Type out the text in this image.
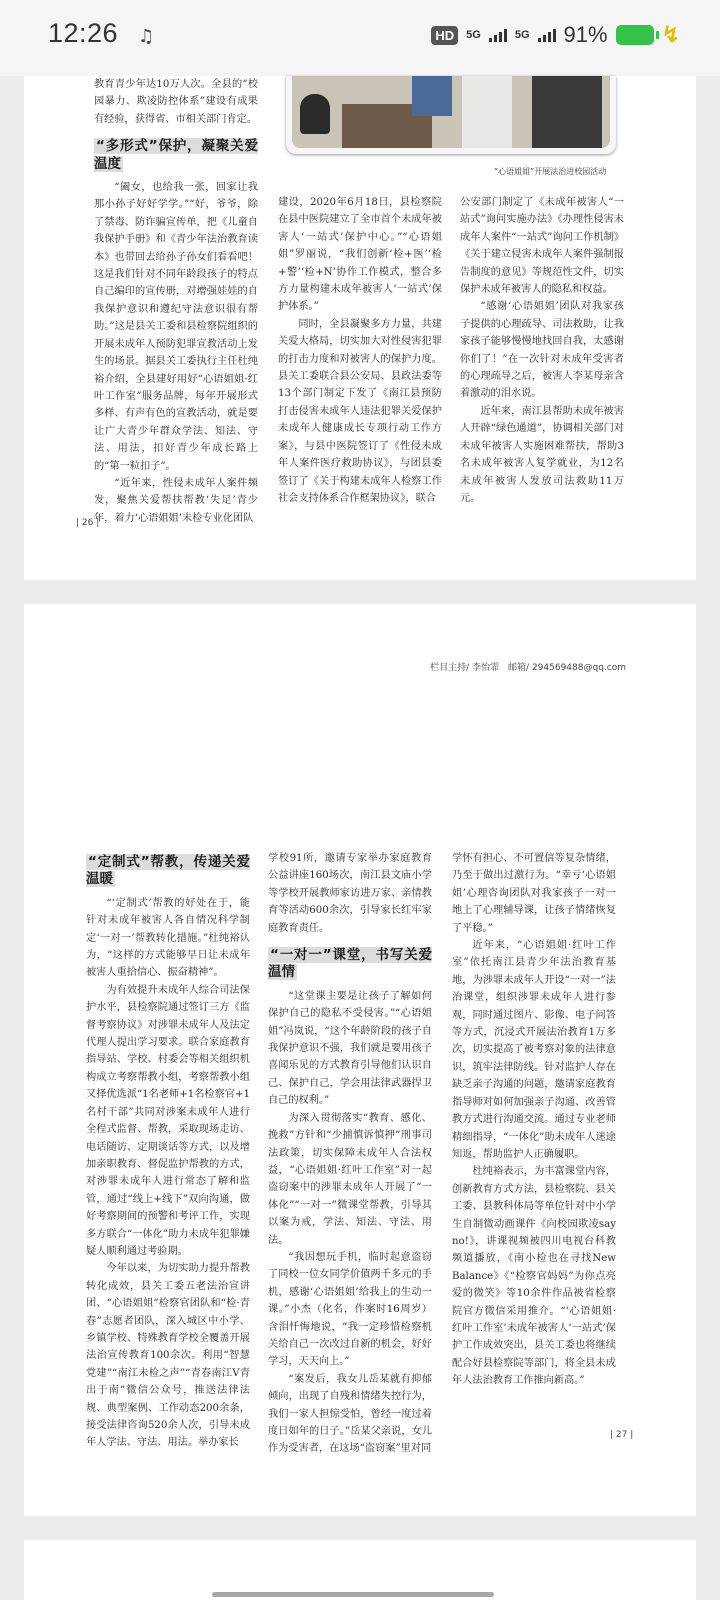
12:26 ♫	HD	5G	5G 91% ↯
“心语姐姐”开展法治进校园活动

教育青少年达10万人次。全县的“校园暴力、欺凌防控体系”建设有成果有经验，获得省、市相关部门肯定。

“多形式”保护，凝聚关爱温度

“阖女，也给我一张，回家让我那小孙子好好学学。”“好，爷爷，除了禁毒、防诈骗宣传单，把《儿童自我保护手册》和《青少年法治教育读本》也带回去给孙子孙女们看看吧！这是我们针对不同年龄段孩子的特点自己编印的宣传册，对增强娃娃的自我保护意识和遵纪守法意识很有帮助。”这是县关工委和县检察院组织的开展未成年人预防犯罪宣教活动上发生的场景。据县关工委执行主任杜纯裕介绍，全县建好用好“心语姐姐·红叶工作室”服务品牌，每年开展形式多样、有声有色的宣教活动，就是要让广大青少年群众学法、知法、守法、用法，扣好青少年成长路上的“第一粒扣子”。

“近年来，性侵未成年人案件频发，聚焦关爱帮扶帮教‘失足’青少年，着力‘心语姐姐’未检专业化团队

建设，2020年6月18日，县检察院在县中医院建立了全市首个未成年被害人‘一站式’保护中心。”“心语姐姐”罗丽说，“我们创新‘检+医’‘检+警’‘检+N’协作工作模式，整合多方力量构建未成年被害人‘一站式’保护体系。”

同时，全县凝聚多方力量，共建关爱大格局，切实加大对性侵害犯罪的打击力度和对被害人的保护力度。县关工委联合县公安局、县政法委等13个部门制定下发了《南江县预防打击侵害未成年人违法犯罪关爱保护未成年人健康成长专项行动工作方案》，与县中医院签订了《性侵未成年人案件医疗救助协议》，与团县委签订了《关于构建未成年人检察工作社会支持体系合作框架协议》，联合

公安部门制定了《未成年被害人“一站式”询问实施办法》《办理性侵害未成年人案件“一站式”询问工作机制》《关于建立侵害未成年人案件强制报告制度的意见》等规范性文件，切实保护未成年被害人的隐私和权益。

“感谢‘心语姐姐’团队对我家孩子提供的心理疏导、司法救助，让我家孩子能够慢慢地找回自我，太感谢你们了！”在一次针对未成年受害者的心理疏导之后，被害人李某母亲含着激动的泪水说。

近年来，南江县帮助未成年被害人开辟“绿色通道”，协调相关部门对未成年被害人实施困难帮扶，帮助3名未成年被害人复学就业，为12名未成年被害人发放司法救助11万元。

| 26 |
栏目主持/ 李怡霏　邮箱/ 294569488@qq.com
“定制式”帮教，传递关爱温暖

“‘定制式’帮教的好处在于，能针对未成年被害人各自情况科学制定‘一对一’帮教转化措施。”杜纯裕认为，“这样的方式能够早日让未成年被害人重拾信心、振奋精神”。

为有效提升未成年人综合司法保护水平，县检察院通过签订三方《监督考察协议》对涉罪未成年人及法定代理人提出学习要求。联合家庭教育指导站、学校、村委会等相关组织机构成立考察帮教小组，考察帮教小组又择优选派“1名老师+1名检察官+1名村干部”共同对涉案未成年人进行全程式监督、帮教，采取现场走访、电话随访、定期谈话等方式，以及增加亲职教育、督促监护帮教的方式，对涉罪未成年人进行常态了解和监管，通过“线上+线下”双向沟通，做好考察期间的预警和考评工作，实现多方联合“一体化”助力未成年犯罪嫌疑人顺利通过考验期。

今年以来，为切实助力提升帮教转化成效，县关工委五老法治宣讲团、“心语姐姐”检察官团队和“检·青春”志愿者团队，深入城区中小学、乡镇学校、特殊教育学校全覆盖开展法治宣传教育100余次。利用“智慧党建”“南江未检之声”“青春南江V青出于南”微信公众号，推送法律法规、典型案例、工作动态200余条，接受法律咨询520余人次，引导未成年人学法、守法、用法。举办家长

学校91所，邀请专家举办家庭教育公益讲座160场次，南江县文庙小学等学校开展教师家访进万家、亲情教育等活动600余次，引导家长红牢家庭教育责任。

“一对一”课堂，书写关爱温情

“这堂课主要是让孩子了解如何保护自己的隐私不受侵害。”“心语姐姐”冯岚说，“这个年龄阶段的孩子自我保护意识不强，我们就是要用孩子喜闻乐见的方式教育引导他们认识自己、保护自己，学会用法律武器捍卫自己的权利。”

为深入贯彻落实“教育、感化、挽救”方针和“少捕慎诉慎押”刑事司法政策，切实保障未成年人合法权益，“心语姐姐·红叶工作室”对一起盗窃案中的涉罪未成年人开展了“一体化”“一对一”微课堂帮教，引导其以案为戒，学法、知法、守法、用法。

“我因想玩手机，临时起意盗窃了同校一位女同学价值两千多元的手机，感谢‘心语姐姐’给我上的生动一课。”小杰（化名，作案时16周岁）含泪忏悔地说，“我一定珍惜检察机关给自己一次改过自新的机会，好好学习，天天向上。”

“案发后，我女儿岳某就有抑郁倾向，出现了自残和情绪失控行为，我们一家人担惊受怕，曾经一度过着度日如年的日子。”岳某父亲说，女儿作为受害者，在这场“盗窃案”里对同

学怀有担心、不可置信等复杂情绪，乃至于做出过激行为。“幸亏‘心语姐姐’心理咨询团队对我家孩子一对一地上了心理辅导课，让孩子情绪恢复了平稳。”

近年来，“心语姐姐·红叶工作室”依托南江县青少年法治教育基地，为涉罪未成年人开设“一对一”法治课堂，组织涉罪未成年人进行参观，同时通过图片、影像、电子问答等方式，沉浸式开展法治教育1万多次，切实提高了被考察对象的法律意识，筑牢法律防线。针对监护人存在缺乏亲子沟通的问题，邀请家庭教育指导师对如何加强亲子沟通、改善管教方式进行沟通交流。通过专业老师精细指导，“一体化”助未成年人迷途知返，帮助监护人正确履职。

杜纯裕表示，为丰富课堂内容，创新教育方式方法，县检察院、县关工委、县教科体局等单位针对中小学生自制微动画课件《向校园欺凌say no!》，讲课视频被四川电视台科教频道播放，《南小检也在寻找New Balance》《“检察官妈妈”为你点亮爱的微笑》等10余件作品被省检察院官方微信采用推介。“‘心语姐姐·红叶工作室’未成年被害人‘一站式’保护工作成效突出，县关工委也将继续配合好县检察院等部门，将全县未成年人法治教育工作推向新高。”

| 27 |
